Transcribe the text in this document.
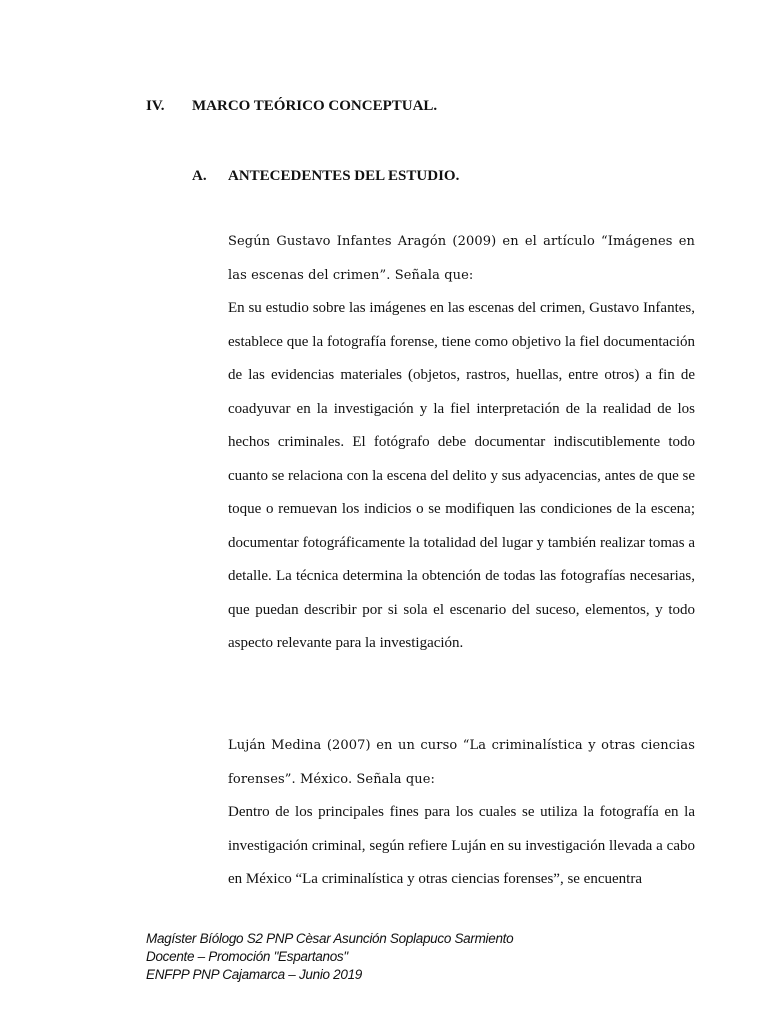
IV. MARCO TEÓRICO CONCEPTUAL.
A. ANTECEDENTES DEL ESTUDIO.

Según Gustavo Infantes Aragón (2009) en el artículo “Imágenes en las escenas del crimen”. Señala que:

En su estudio sobre las imágenes en las escenas del crimen, Gustavo Infantes, establece que la fotografía forense, tiene como objetivo la fiel documentación de las evidencias materiales (objetos, rastros, huellas, entre otros) a fin de coadyuvar en la investigación y la fiel interpretación de la realidad de los hechos criminales. El fotógrafo debe documentar indiscutiblemente todo cuanto se relaciona con la escena del delito y sus adyacencias, antes de que se toque o remuevan los indicios o se modifiquen las condiciones de la escena; documentar fotográficamente la totalidad del lugar y también realizar tomas a detalle. La técnica determina la obtención de todas las fotografías necesarias, que puedan describir por si sola el escenario del suceso, elementos, y todo aspecto relevante para la investigación.

Luján Medina (2007) en un curso “La criminalística y otras ciencias forenses”. México. Señala que:

Dentro de los principales fines para los cuales se utiliza la fotografía en la investigación criminal, según refiere Luján en su investigación llevada a cabo en México “La criminalística y otras ciencias forenses”, se encuentra

Magíster Bíólogo S2 PNP Cèsar Asunción Soplapuco Sarmiento
Docente – Promoción "Espartanos"
ENFPP PNP Cajamarca – Junio 2019
